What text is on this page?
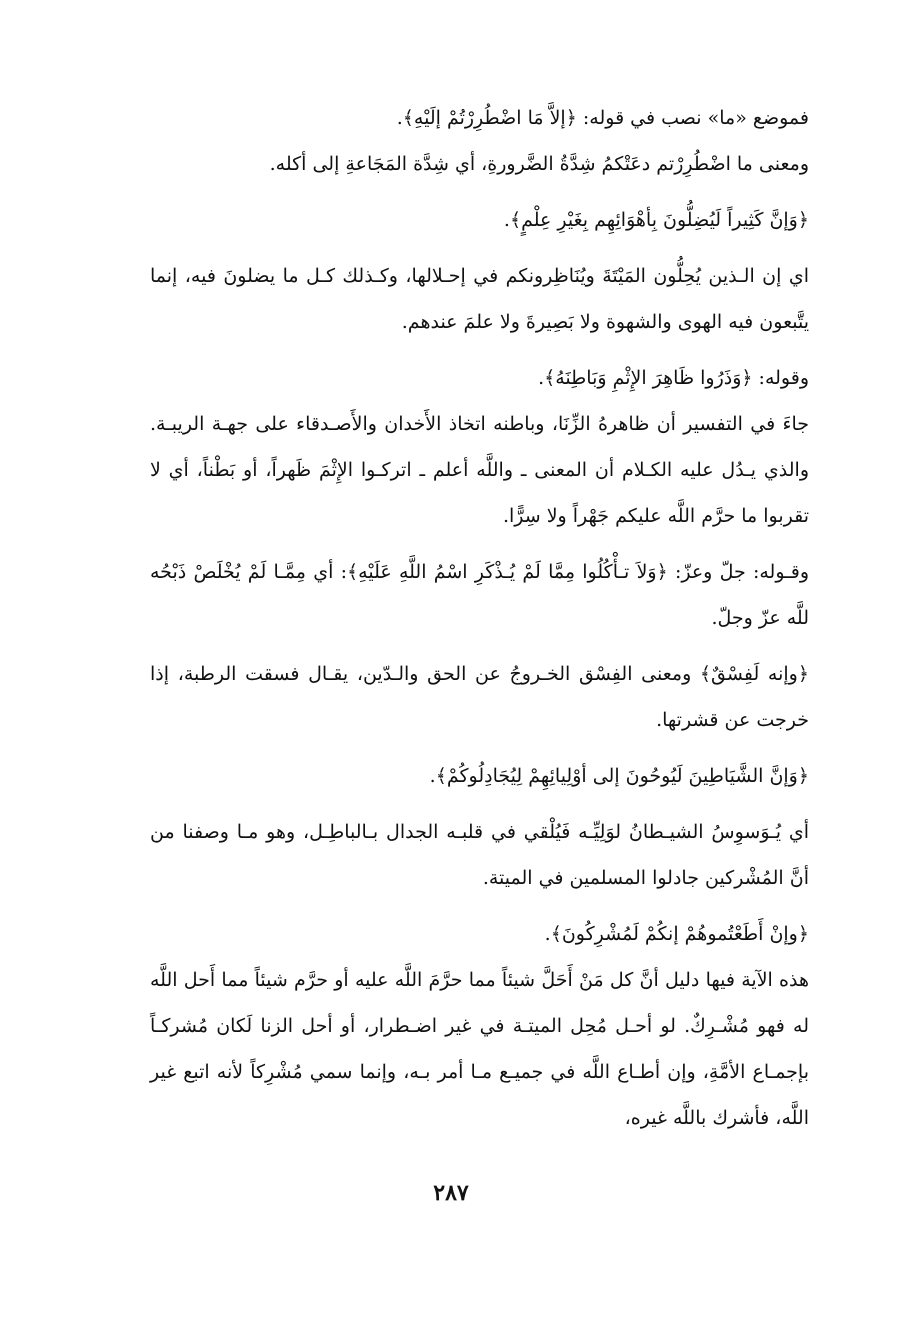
فموضع «ما» نصب في قوله: ﴿إلاَّ مَا اضْطُرِرْتُمْ إلَيْهِ﴾.

ومعنى ما اضْطُرِرْتم دعَتْكمُ شِدَّةُ الضَّرورةِ، أي شِدَّة المَجَاعةِ إلى أكله.

﴿وَإنَّ كَثِيراً لَيُضِلُّونَ بِأهْوَائِهِم بِغَيْرِ عِلْمٍ﴾.

اي إن الـذين يُحِلُّون المَيْتَةَ ويُنَاظِرونكم في إحـلالها، وكـذلك كـل ما يضلونَ فيه، إنما يتَّبعون فيه الهوى والشهوة ولا بَصِيرةَ ولا علمَ عندهم.

وقوله: ﴿وَذَرُوا ظَاهِرَ الإِثْمِ وَبَاطِنَهُ﴾.

جاءَ في التفسير أن ظاهرهُ الزِّنَا، وباطنه اتخاذ الأَخدان والأَصـدقاء على جهـة الريبـة. والذي يـدُل عليه الكـلام أن المعنى ـ واللَّه أعلم ـ اتركـوا الإِثْمَ ظَهراً، أو بَطْناً، أي لا تقربوا ما حرَّم اللَّه عليكم جَهْراً ولا سِرًّا.

وقـوله: جلّ وعزّ: ﴿وَلاَ تـأْكُلُوا مِمَّا لَمْ يُـذْكَرِ اسْمُ اللَّهِ عَلَيْهِ﴾: أي مِمَّـا لَمْ يُخْلَصْ ذَبْحُه للَّه عزّ وجلّ.

﴿وإنه لَفِسْقٌ﴾ ومعنى الفِسْق الخـروجُ عن الحق والـدّين، يقـال فسقت الرطبة، إذا خرجت عن قشرتها.

﴿وَإنَّ الشَّيَاطِينَ لَيُوحُونَ إلى أوْلِيائِهِمْ لِيُجَادِلُوكُمْ﴾.

أي يُـوَسوِسُ الشيـطانُ لوَلِيِّـه فَيُلْقي في قلبـه الجدال بـالباطِـل، وهو مـا وصفنا من أنَّ المُشْركين جادلوا المسلمين في الميتة.

﴿وإنْ أَطَعْتُموهُمْ إنكُمْ لَمُشْرِكُونَ﴾.

هذه الآية فيها دليل أنَّ كل مَنْ أَحَلَّ شيئاً مما حرَّمَ اللَّه عليه أو حرَّم شيئاً مما أَحل اللَّه له فهو مُشْـرِكٌ. لو أحـل مُحِل الميتـة في غير اضـطرار، أو أحل الزنا لَكان مُشركـاً بإجمـاع الأمَّةِ، وإن أطـاع اللَّه في جميـع مـا أمر بـه، وإنما سمي مُشْرِكاً لأنه اتبع غير اللَّه، فأشرك باللَّه غيره،

٢٨٧
